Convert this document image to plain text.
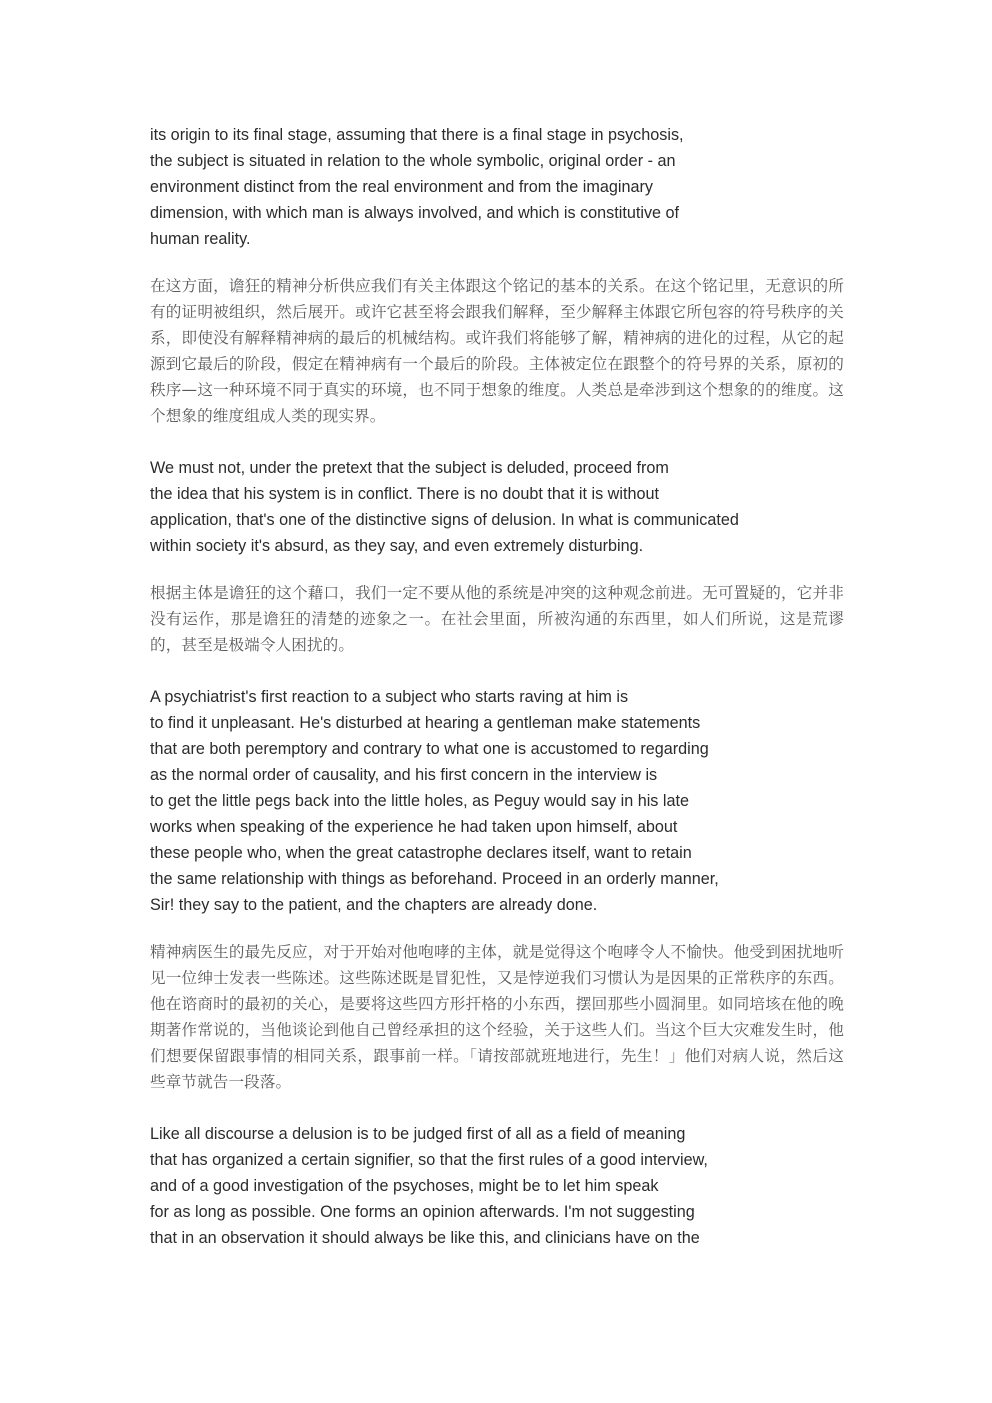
its origin to its final stage, assuming that there is a final stage in psychosis,
the subject is situated in relation to the whole symbolic, original order - an
environment distinct from the real environment and from the imaginary
dimension, with which man is always involved, and which is constitutive of
human reality.

在这方面，谵狂的精神分析供应我们有关主体跟这个铭记的基本的关系。在这个铭记里，无意识的所有的证明被组织，然后展开。或许它甚至将会跟我们解释，至少解释主体跟它所包容的符号秩序的关系，即使没有解释精神病的最后的机械结构。或许我们将能够了解，精神病的进化的过程，从它的起源到它最后的阶段，假定在精神病有一个最后的阶段。主体被定位在跟整个的符号界的关系，原初的秩序—这一种环境不同于真实的环境，也不同于想象的维度。人类总是牵涉到这个想象的的维度。这个想象的维度组成人类的现实界。

We must not, under the pretext that the subject is deluded, proceed from
the idea that his system is in conflict. There is no doubt that it is without
application, that's one of the distinctive signs of delusion. In what is communicated
within society it's absurd, as they say, and even extremely disturbing.

根据主体是谵狂的这个藉口，我们一定不要从他的系统是冲突的这种观念前进。无可置疑的，它并非没有运作，那是谵狂的清楚的迹象之一。在社会里面，所被沟通的东西里，如人们所说，这是荒谬的，甚至是极端令人困扰的。

A psychiatrist's first reaction to a subject who starts raving at him is
to find it unpleasant. He's disturbed at hearing a gentleman make statements
that are both peremptory and contrary to what one is accustomed to regarding
as the normal order of causality, and his first concern in the interview is
to get the little pegs back into the little holes, as Peguy would say in his late
works when speaking of the experience he had taken upon himself, about
these people who, when the great catastrophe declares itself, want to retain
the same relationship with things as beforehand. Proceed in an orderly manner,
Sir! they say to the patient, and the chapters are already done.

精神病医生的最先反应，对于开始对他咆哮的主体，就是觉得这个咆哮令人不愉快。他受到困扰地听见一位绅士发表一些陈述。这些陈述既是冒犯性，又是悖逆我们习惯认为是因果的正常秩序的东西。他在谘商时的最初的关心，是要将这些四方形扞格的小东西，摆回那些小圆洞里。如同培垓在他的晚期著作常说的，当他谈论到他自己曾经承担的这个经验，关于这些人们。当这个巨大灾难发生时，他们想要保留跟事情的相同关系，跟事前一样。「请按部就班地进行，先生！」他们对病人说，然后这些章节就告一段落。

Like all discourse a delusion is to be judged first of all as a field of meaning
that has organized a certain signifier, so that the first rules of a good interview,
and of a good investigation of the psychoses, might be to let him speak
for as long as possible. One forms an opinion afterwards. I'm not suggesting
that in an observation it should always be like this, and clinicians have on the
